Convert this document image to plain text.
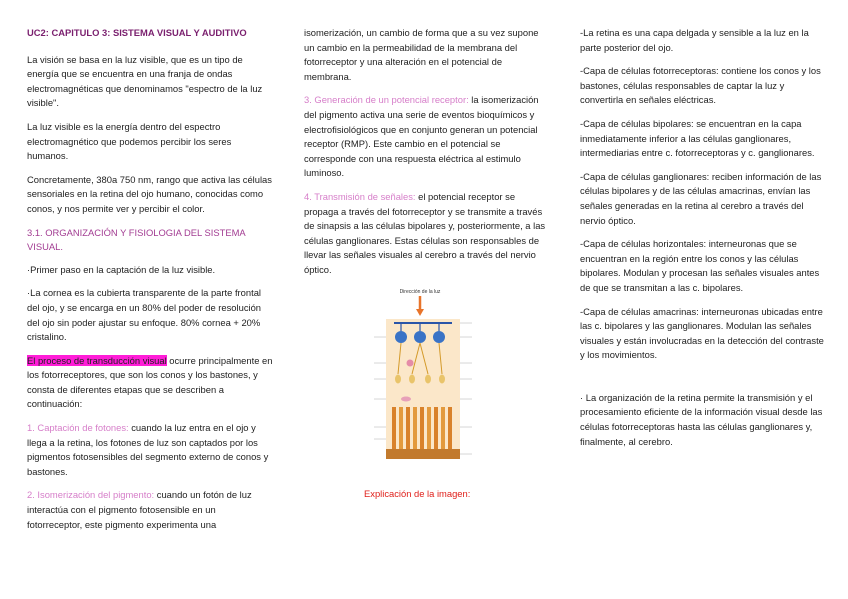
UC2: CAPITULO 3: SISTEMA VISUAL Y AUDITIVO

La visión se basa en la luz visible, que es un tipo de energía que se encuentra en una franja de ondas electromagnéticas que denominamos "espectro de la luz visible".

La luz visible es la energía dentro del espectro electromagnético que podemos percibir los seres humanos.

Concretamente, 380a 750 nm, rango que activa las células sensoriales en la retina del ojo humano, conocidas como conos, y nos permite ver y percibir el color.

3.1. ORGANIZACIÓN Y FISIOLOGIA DEL SISTEMA VISUAL.

·Primer paso en la captación de la luz visible.

·La cornea es la cubierta transparente de la parte frontal del ojo, y se encarga en un 80% del poder de resolución del ojo sin poder ajustar su enfoque. 80% cornea + 20% cristalino.

El proceso de transducción visual ocurre principalmente en los fotorreceptores, que son los conos y los bastones, y consta de diferentes etapas que se describen a continuación:

1. Captación de fotones: cuando la luz entra en el ojo y llega a la retina, los fotones de luz son captados por los pigmentos fotosensibles del segmento externo de conos y bastones.

2. Isomerización del pigmento: cuando un fotón de luz interactúa con el pigmento fotosensible en un fotorreceptor, este pigmento experimenta una

isomerización, un cambio de forma que a su vez supone un cambio en la permeabilidad de la membrana del fotorreceptor y una alteración en el potencial de membrana.

3. Generación de un potencial receptor: la isomerización del pigmento activa una serie de eventos bioquímicos y electrofisiológicos que en conjunto generan un potencial receptor (RMP). Este cambio en el potencial se corresponde con una respuesta eléctrica al estimulo luminoso.

4. Transmisión de señales: el potencial receptor se propaga a través del fotorreceptor y se transmite a través de sinapsis a las células bipolares y, posteriormente, a las células ganglionares. Estas células son responsables de llevar las señales visuales al cerebro a través del nervio óptico.

Dirección de la luz

Explicación de la imagen:

-La retina es una capa delgada y sensible a la luz en la parte posterior del ojo.

-Capa de células fotorreceptoras: contiene los conos y los bastones, células responsables de captar la luz y convertirla en señales eléctricas.

-Capa de células bipolares: se encuentran en la capa inmediatamente inferior a las células ganglionares, intermediarias entre c. fotorreceptoras y c. ganglionares.

-Capa de células ganglionares: reciben información de las células bipolares y de las células amacrinas, envían las señales generadas en la retina al cerebro a través del nervio óptico.

-Capa de células horizontales: interneuronas que se encuentran en la región entre los conos y las células bipolares. Modulan y procesan las señales visuales antes de que se transmitan a las c. bipolares.

-Capa de células amacrinas: interneuronas ubicadas entre las c. bipolares y las ganglionares. Modulan las señales visuales y están involucradas en la detección del contraste y los movimientos.

· La organización de la retina permite la transmisión y el procesamiento eficiente de la información visual desde las células fotorreceptoras hasta las células ganglionares y, finalmente, al cerebro.
